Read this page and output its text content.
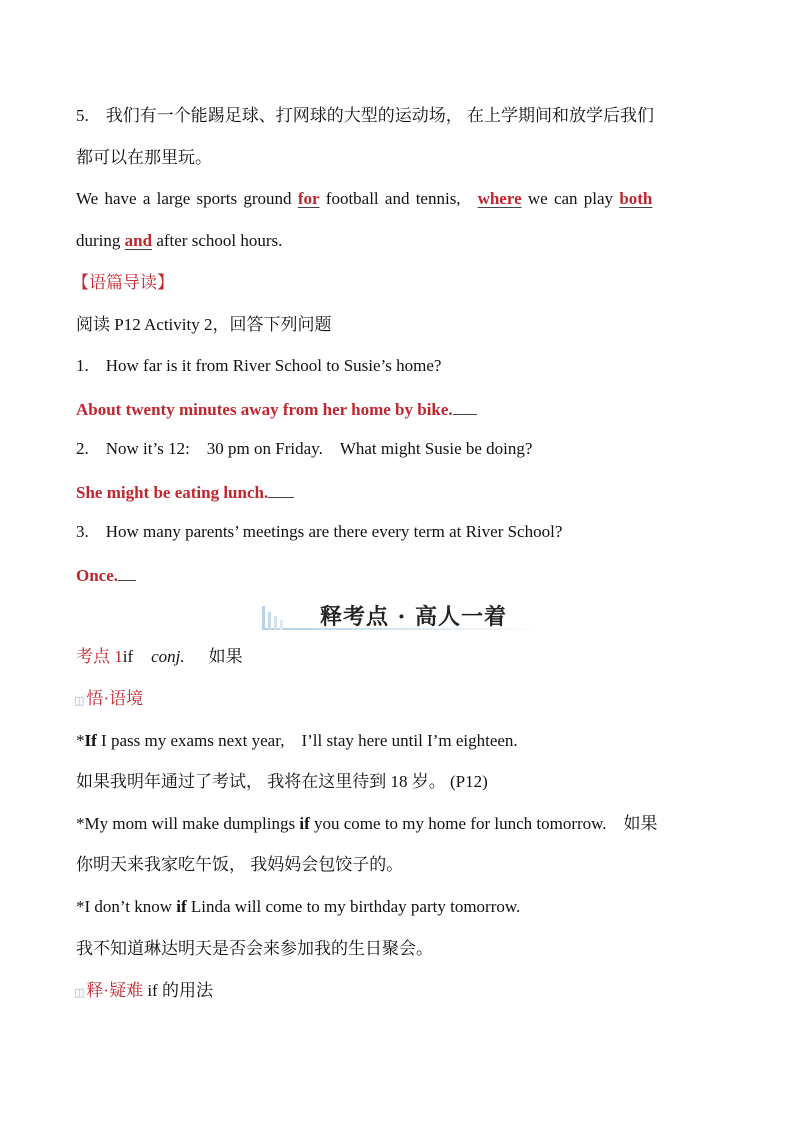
5.　我们有一个能踢足球、打网球的大型的运动场， 在上学期间和放学后我们
都可以在那里玩。
We have a large sports ground for football and tennis,　where we can play both
during and after school hours.
【语篇导读】
阅读 P12 Activity 2，回答下列问题
1.　How far is it from River School to Susie’s home?
About twenty minutes away from her home by bike.
2.　Now it’s 12:　30 pm on Friday.　What might Susie be doing?
She might be eating lunch.
3.　How many parents’ meetings are there every term at River School?
Once.
释考点 · 高人一着
考点 1if conj. 如果
◫ 悟·语境
*If I pass my exams next year,　I’ll stay here until I’m eighteen.
如果我明年通过了考试， 我将在这里待到 18 岁。 (P12)
*My mom will make dumplings if you come to my home for lunch tomorrow.　如果
你明天来我家吃午饭， 我妈妈会包饺子的。
*I don’t know if Linda will come to my birthday party tomorrow.
我不知道琳达明天是否会来参加我的生日聚会。
◫ 释·疑难 if 的用法
